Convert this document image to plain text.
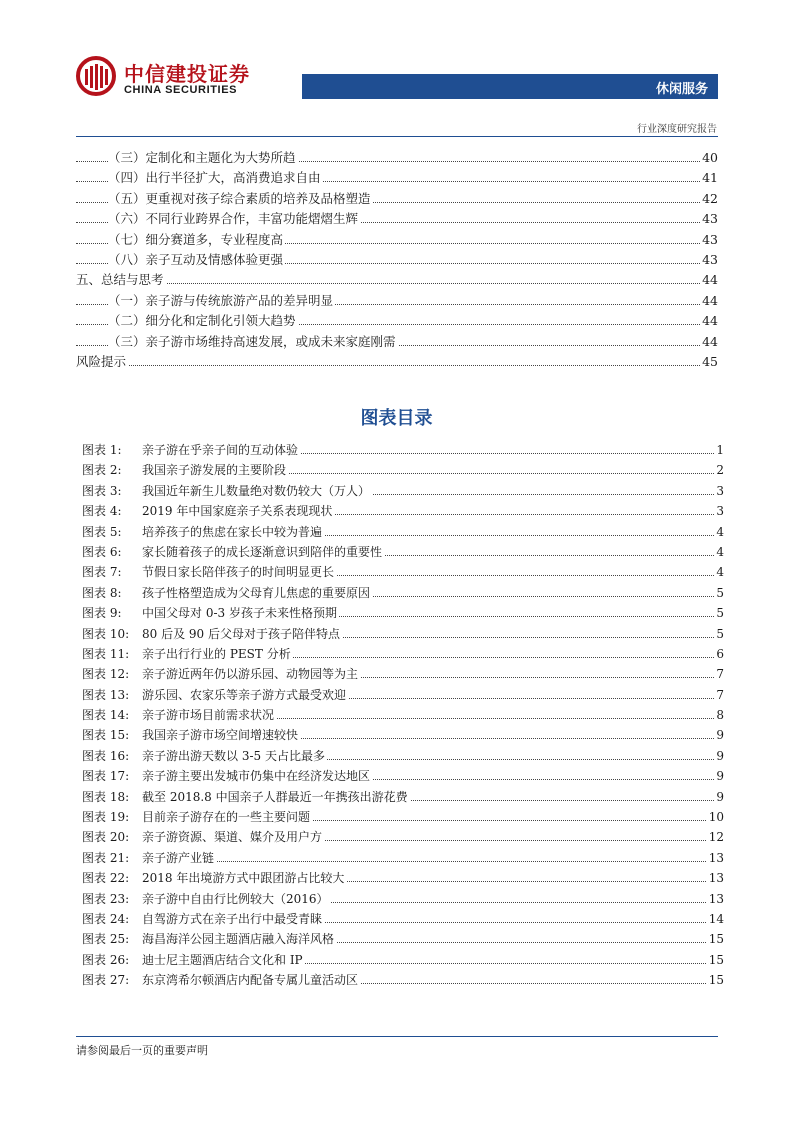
中信建投证券
CHINA SECURITIES	休闲服务
行业深度研究报告
（三）定制化和主题化为大势所趋	40
（四）出行半径扩大，高消费追求自由	41
（五）更重视对孩子综合素质的培养及品格塑造	42
（六）不同行业跨界合作，丰富功能熠熠生辉	43
（七）细分赛道多，专业程度高	43
（八）亲子互动及情感体验更强	43
五、总结与思考	44
（一）亲子游与传统旅游产品的差异明显	44
（二）细分化和定制化引领大趋势	44
（三）亲子游市场维持高速发展，或成未来家庭刚需	44
风险提示	45
图表目录
图表 1: 亲子游在乎亲子间的互动体验	1
图表 2: 我国亲子游发展的主要阶段	2
图表 3: 我国近年新生儿数量绝对数仍较大（万人）	3
图表 4: 2019 年中国家庭亲子关系表现现状	3
图表 5: 培养孩子的焦虑在家长中较为普遍	4
图表 6: 家长随着孩子的成长逐渐意识到陪伴的重要性	4
图表 7: 节假日家长陪伴孩子的时间明显更长	4
图表 8: 孩子性格塑造成为父母育儿焦虑的重要原因	5
图表 9: 中国父母对 0-3 岁孩子未来性格预期	5
图表 10: 80 后及 90 后父母对于孩子陪伴特点	5
图表 11: 亲子出行行业的 PEST 分析	6
图表 12: 亲子游近两年仍以游乐园、动物园等为主	7
图表 13: 游乐园、农家乐等亲子游方式最受欢迎	7
图表 14: 亲子游市场目前需求状况	8
图表 15: 我国亲子游市场空间增速较快	9
图表 16: 亲子游出游天数以 3-5 天占比最多	9
图表 17: 亲子游主要出发城市仍集中在经济发达地区	9
图表 18: 截至 2018.8 中国亲子人群最近一年携孩出游花费	9
图表 19: 目前亲子游存在的一些主要问题	10
图表 20: 亲子游资源、渠道、媒介及用户方	12
图表 21: 亲子游产业链	13
图表 22: 2018 年出境游方式中跟团游占比较大	13
图表 23: 亲子游中自由行比例较大（2016）	13
图表 24: 自驾游方式在亲子出行中最受青睐	14
图表 25: 海昌海洋公园主题酒店融入海洋风格	15
图表 26: 迪士尼主题酒店结合文化和 IP	15
图表 27: 东京湾希尔顿酒店内配备专属儿童活动区	15
请参阅最后一页的重要声明
